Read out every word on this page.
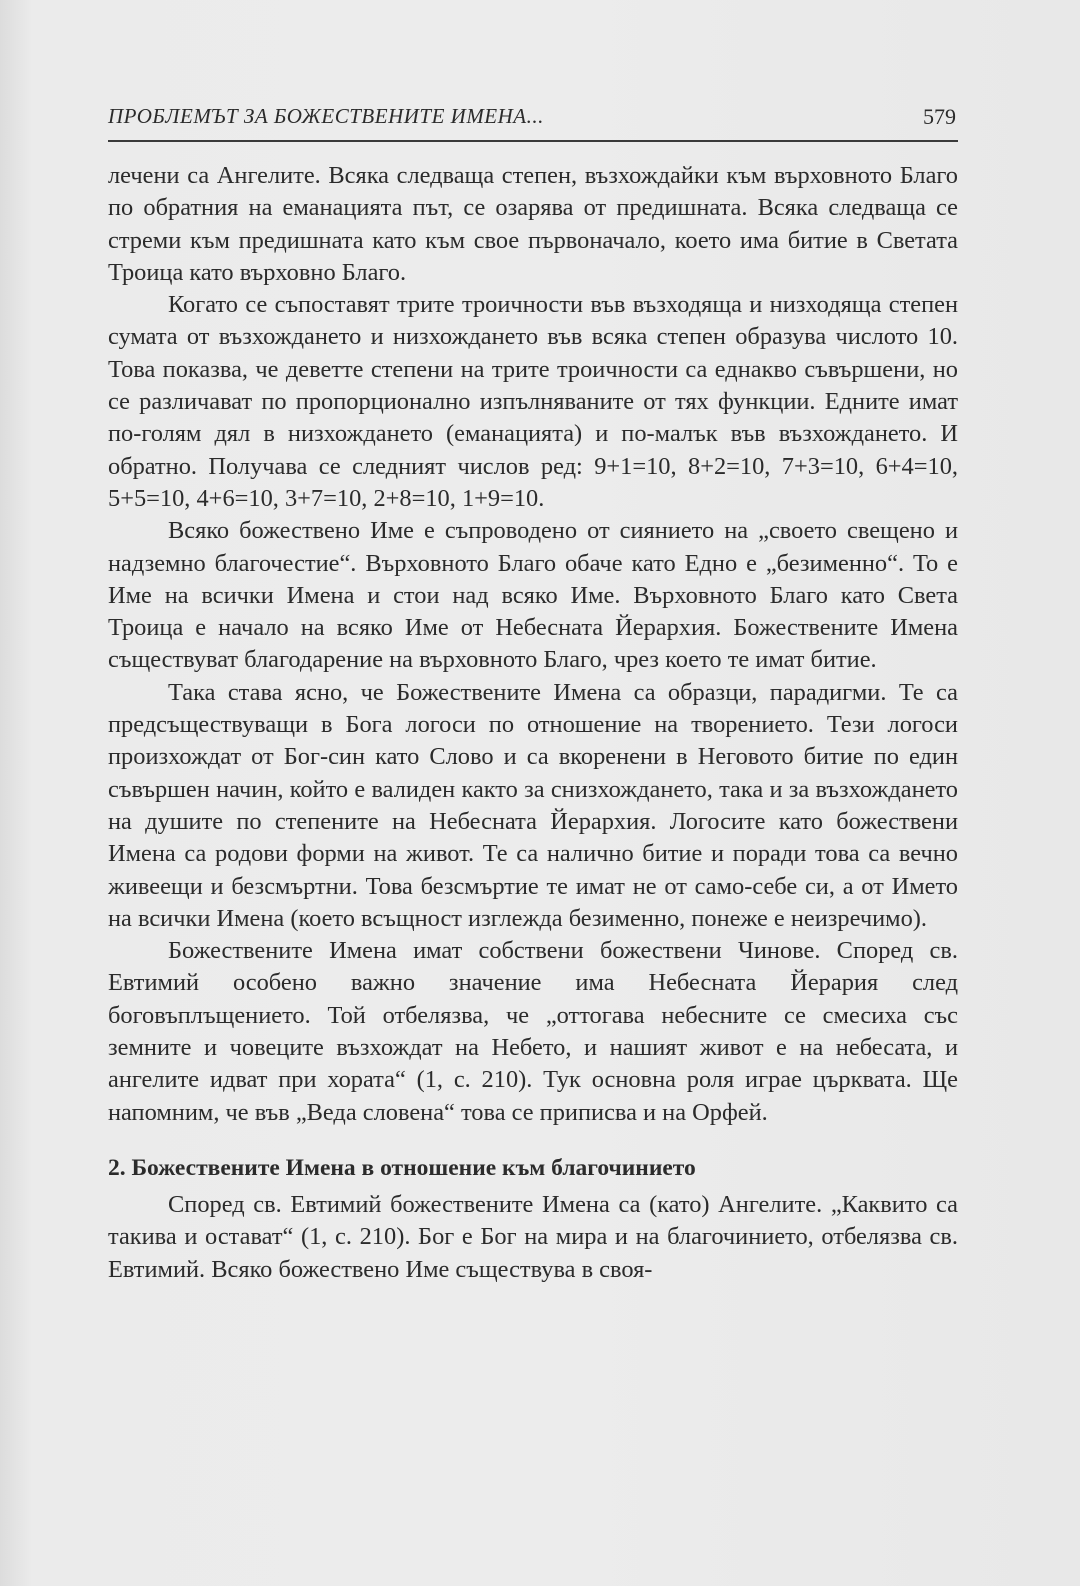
ПРОБЛЕМЪТ ЗА БОЖЕСТВЕНИТЕ ИМЕНА...	579

лечени са Ангелите. Всяка следваща степен, възхождайки към върховното Благо по обратния на еманацията път, се озарява от предишната. Всяка следваща се стреми към предишната като към свое първоначало, което има битие в Светата Троица като върховно Благо.

Когато се съпоставят трите троичности във възходяща и низходяща степен сумата от възхождането и низхождането във всяка степен образува числото 10. Това показва, че деветте степени на трите троичности са еднакво съвършени, но се различават по пропорционално изпълняваните от тях функции. Едните имат по-голям дял в низхождането (еманацията) и по-малък във възхождането. И обратно. Получава се следният числов ред: 9+1=10, 8+2=10, 7+3=10, 6+4=10, 5+5=10, 4+6=10, 3+7=10, 2+8=10, 1+9=10.

Всяко божествено Име е съпроводено от сиянието на „своето свещено и надземно благочестие“. Върховното Благо обаче като Едно е „безименно“. То е Име на всички Имена и стои над всяко Име. Върховното Благо като Света Троица е начало на всяко Име от Небесната Йерархия. Божествените Имена съществуват благодарение на върховното Благо, чрез което те имат битие.

Така става ясно, че Божествените Имена са образци, парадигми. Те са предсъществуващи в Бога логоси по отношение на творението. Тези логоси произхождат от Бог-син като Слово и са вкоренени в Неговото битие по един съвършен начин, който е валиден както за снизхождането, така и за възхождането на душите по степените на Небесната Йерархия. Логосите като божествени Имена са родови форми на живот. Те са налично битие и поради това са вечно живеещи и безсмъртни. Това безсмъртие те имат не от само-себе си, а от Името на всички Имена (което всъщност изглежда безименно, понеже е неизречимо).

Божествените Имена имат собствени божествени Чинове. Според св. Евтимий особено важно значение има Небесната Йерария след боговъплъщението. Той отбелязва, че „оттогава небесните се смесиха със земните и човеците възхождат на Небето, и нашият живот е на небесата, и ангелите идват при хората“ (1, с. 210). Тук основна роля играе църквата. Ще напомним, че във „Веда словена“ това се приписва и на Орфей.

2. Божествените Имена в отношение към благочинието

Според св. Евтимий божествените Имена са (като) Ангелите. „Каквито са такива и остават“ (1, с. 210). Бог е Бог на мира и на благочинието, отбелязва св. Евтимий. Всяко божествено Име съществува в своя-
